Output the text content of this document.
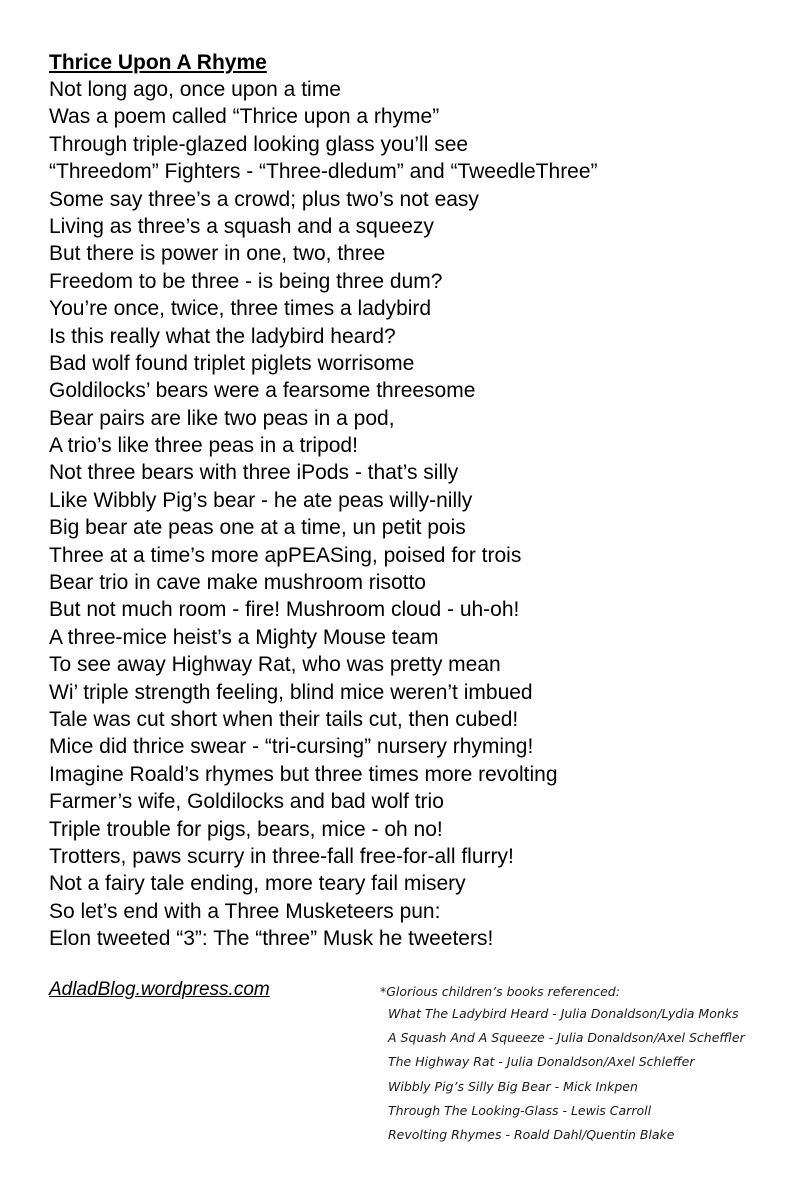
Thrice Upon A Rhyme
Not long ago, once upon a time
Was a poem called “Thrice upon a rhyme”
Through triple-glazed looking glass you’ll see
“Threedom” Fighters - “Three-dledum” and “TweedleThree”
Some say three’s a crowd; plus two’s not easy
Living as three’s a squash and a squeezy
But there is power in one, two, three
Freedom to be three - is being three dum?
You’re once, twice, three times a ladybird
Is this really what the ladybird heard?
Bad wolf found triplet piglets worrisome
Goldilocks’ bears were a fearsome threesome
Bear pairs are like two peas in a pod,
A trio’s like three peas in a tripod!
Not three bears with three iPods - that’s silly
Like Wibbly Pig’s bear - he ate peas willy-nilly
Big bear ate peas one at a time, un petit pois
Three at a time’s more apPEASing, poised for trois
Bear trio in cave make mushroom risotto
But not much room - fire! Mushroom cloud - uh-oh!
A three-mice heist’s a Mighty Mouse team
To see away Highway Rat, who was pretty mean
Wi’ triple strength feeling, blind mice weren’t imbued
Tale was cut short when their tails cut, then cubed!
Mice did thrice swear - “tri-cursing” nursery rhyming!
Imagine Roald’s rhymes but three times more revolting
Farmer’s wife, Goldilocks and bad wolf trio
Triple trouble for pigs, bears, mice - oh no!
Trotters, paws scurry in three-fall free-for-all flurry!
Not a fairy tale ending, more teary fail misery
So let’s end with a Three Musketeers pun:
Elon tweeted “3”: The “three” Musk he tweeters!
AdladBlog.wordpress.com	*Glorious children’s books referenced:
What The Ladybird Heard - Julia Donaldson/Lydia Monks
A Squash And A Squeeze - Julia Donaldson/Axel Scheffler
The Highway Rat - Julia Donaldson/Axel Schleffer
Wibbly Pig’s Silly Big Bear - Mick Inkpen
Through The Looking-Glass - Lewis Carroll
Revolting Rhymes - Roald Dahl/Quentin Blake
